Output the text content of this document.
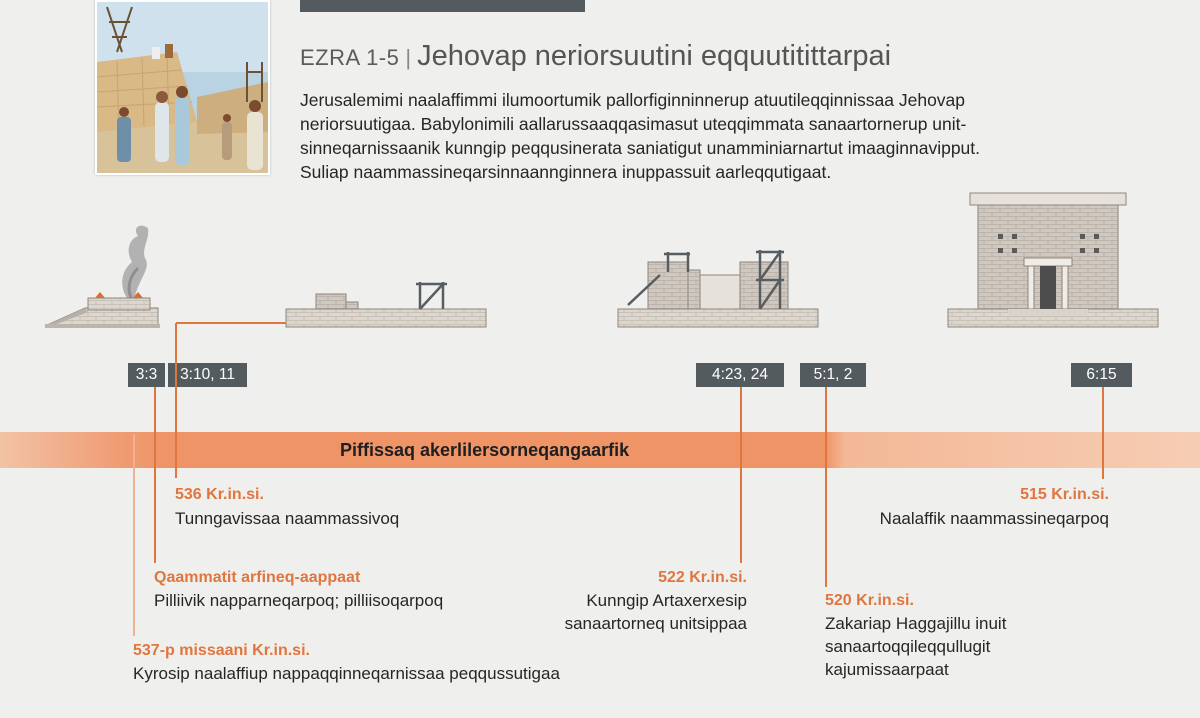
EZRA 1-5 | Jehovap neriorsuutini eqquutitittarpai
Jerusalemimi naalaffimmi ilumoortumik pallorfiginninnerup atuutileqqinnissaa Jehovap
neriorsuutigaa. Babylonimili aallarussaaqqasimasut uteqqimmata sanaartornerup unit-
sinneqarnissaanik kunngip peqqusinerata saniatigut unamminiarnartut imaaginnavipput.
Suliap naammassineqarsinnaannginnera inuppassuit aarleqqutigaat.
3:3	3:10, 11	4:23, 24	5:1, 2	6:15
Piffissaq akerlilersorneqangaarfik
536 Kr.in.si.
Tunngavissaa naammassivoq
Qaammatit arfineq-aappaat
Pilliivik napparneqarpoq; pilliisoqarpoq
537-p missaani Kr.in.si.
Kyrosip naalaffiup nappaqqinneqarnissaa peqqussutigaa
522 Kr.in.si.
Kunngip Artaxerxesip
sanaartorneq unitsippaa
520 Kr.in.si.
Zakariap Haggajillu inuit
sanaartoqqileqqullugit
kajumissaarpaat
515 Kr.in.si.
Naalaffik naammassineqarpoq
